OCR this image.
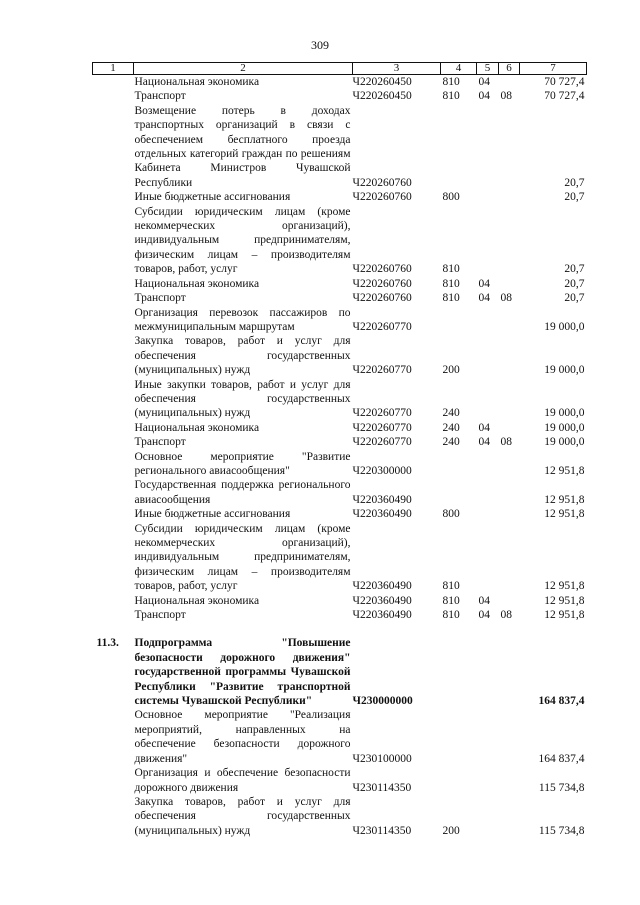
309
1	2	3	4	5	6	7
	Национальная экономика	Ч220260450	810	04		70 727,4
	Транспорт	Ч220260450	810	04	08	70 727,4
	Возмещение потерь в доходах транспортных организаций в связи с обеспечением бесплатного проезда отдельных категорий граждан по решениям Кабинета Министров Чувашской Республики	Ч220260760				20,7
	Иные бюджетные ассигнования	Ч220260760	800			20,7
	Субсидии юридическим лицам (кроме некоммерческих организаций), индивидуальным предпринимателям, физическим лицам – производителям товаров, работ, услуг	Ч220260760	810			20,7
	Национальная экономика	Ч220260760	810	04		20,7
	Транспорт	Ч220260760	810	04	08	20,7
	Организация перевозок пассажиров по межмуниципальным маршрутам	Ч220260770				19 000,0
	Закупка товаров, работ и услуг для обеспечения государственных (муниципальных) нужд	Ч220260770	200			19 000,0
	Иные закупки товаров, работ и услуг для обеспечения государственных (муниципальных) нужд	Ч220260770	240			19 000,0
	Национальная экономика	Ч220260770	240	04		19 000,0
	Транспорт	Ч220260770	240	04	08	19 000,0
	Основное мероприятие "Развитие регионального авиасообщения"	Ч220300000				12 951,8
	Государственная поддержка регионального авиасообщения	Ч220360490				12 951,8
	Иные бюджетные ассигнования	Ч220360490	800			12 951,8
	Субсидии юридическим лицам (кроме некоммерческих организаций), индивидуальным предпринимателям, физическим лицам – производителям товаров, работ, услуг	Ч220360490	810			12 951,8
	Национальная экономика	Ч220360490	810	04		12 951,8
	Транспорт	Ч220360490	810	04	08	12 951,8

11.3.	Подпрограмма "Повышение безопасности дорожного движения" государственной программы Чувашской Республики "Развитие транспортной системы Чувашской Республики"	Ч230000000				164 837,4
	Основное мероприятие "Реализация мероприятий, направленных на обеспечение безопасности дорожного движения"	Ч230100000				164 837,4
	Организация и обеспечение безопасности дорожного движения	Ч230114350				115 734,8
	Закупка товаров, работ и услуг для обеспечения государственных (муниципальных) нужд	Ч230114350	200			115 734,8
